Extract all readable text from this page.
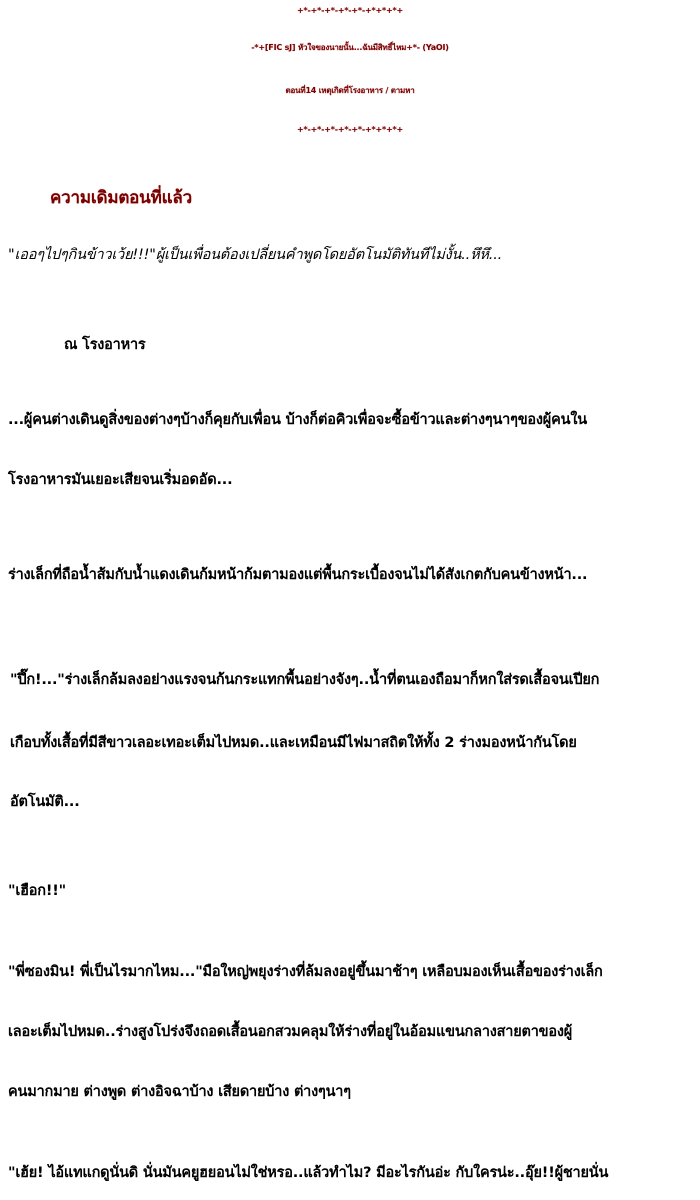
+*-+*-+*-+*-+*-+*+*+*+
-*+[FIC sJ] หัวใจของนายนั้น...ฉันมีสิทธิ์ไหม+*- (YaOI)
ตอนที่14 เหตุเกิดที่โรงอาหาร / ตามหา
+*-+*-+*-+*-+*-+*+*+*+
ความเดิมตอนที่แล้ว
"เออๆไปๆกินข้าวเว้ย!!!"ผู้เป็นเพื่อนต้องเปลี่ยนคำพูดโดยอัตโนมัติทันทีไม่งั้น..หึหึ...
ณ โรงอาหาร
...ผู้คนต่างเดินดูสิ่งของต่างๆบ้างก็คุยกับเพื่อน บ้างก็ต่อคิวเพื่อจะซื้อข้าวและต่างๆนาๆของผู้คนใน
โรงอาหารมันเยอะเสียจนเริ่มอดอัด...
ร่างเล็กที่ถือน้ำส้มกับน้ำแดงเดินก้มหน้าก้มตามองแต่พื้นกระเบื้องจนไม่ได้สังเกตกับคนข้างหน้า...
"ปึ๊ก!..."ร่างเล็กล้มลงอย่างแรงจนก้นกระแทกพื้นอย่างจังๆ..น้ำที่ตนเองถือมาก็หกใส่รดเสื้อจนเปียก
เกือบทั้งเสื้อที่มีสีขาวเลอะเทอะเต็มไปหมด..และเหมือนมีไฟมาสถิตให้ทั้ง 2 ร่างมองหน้ากันโดย
อัตโนมัติ...
"เฮือก!!"
"พี่ซองมิน! พี่เป็นไรมากไหม..."มือใหญ่พยุงร่างที่ล้มลงอยู่ขึ้นมาช้าๆ เหลือบมองเห็นเสื้อของร่างเล็ก
เลอะเต็มไปหมด..ร่างสูงโปร่งจึงถอดเสื้อนอกสวมคลุมให้ร่างที่อยู่ในอ้อมแขนกลางสายตาของผู้
คนมากมาย ต่างพูด ต่างอิจฉาบ้าง เสียดายบ้าง ต่างๆนาๆ
"เฮ้ย! ไอ้แทแกดูนั่นดิ นั่นมันคยูฮยอนไม่ใช่หรอ..แล้วทำไม? มีอะไรกันอ่ะ กับใครน่ะ..อุ๊ย!!ผู้ชายนั่น
